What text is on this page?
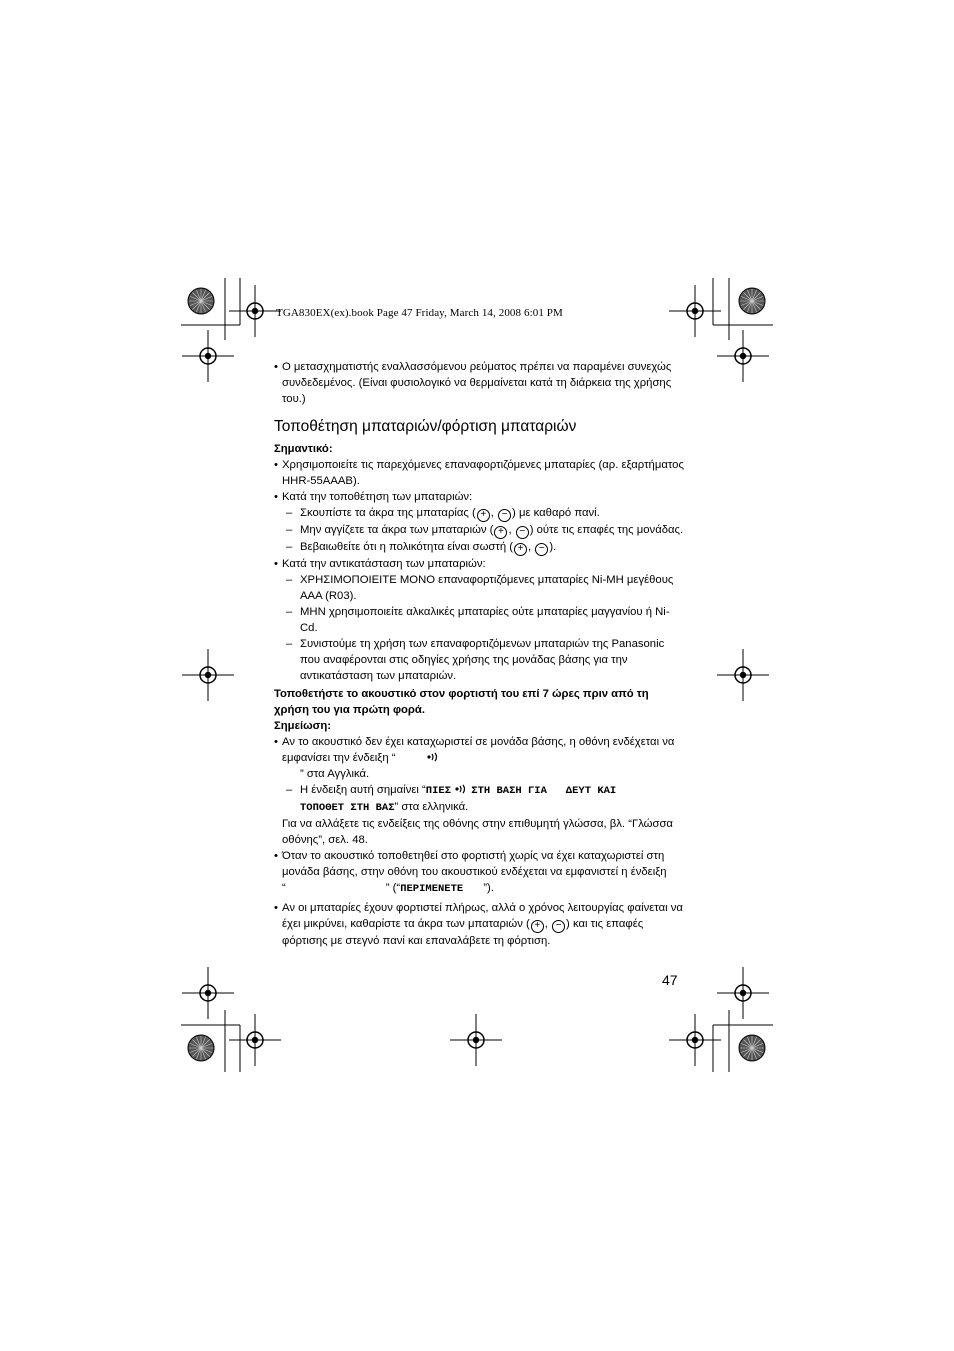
TGA830EX(ex).book Page 47 Friday, March 14, 2008 6:01 PM
• Ο μετασχηματιστής εναλλασσόμενου ρεύματος πρέπει να παραμένει συνεχώς συνδεδεμένος. (Είναι φυσιολογικό να θερμαίνεται κατά τη διάρκεια της χρήσης του.)
Τοποθέτηση μπαταριών/φόρτιση μπαταριών
Σημαντικό:
• Χρησιμοποιείτε τις παρεχόμενες επαναφορτιζόμενες μπαταρίες (αρ. εξαρτήματος HHR-55AAAB).
• Κατά την τοποθέτηση των μπαταριών:
– Σκουπίστε τα άκρα της μπαταρίας ( + , − ) με καθαρό πανί.
– Μην αγγίζετε τα άκρα των μπαταριών ( + , − ) ούτε τις επαφές της μονάδας.
– Βεβαιωθείτε ότι η πολικότητα είναι σωστή ( + , − ).
• Κατά την αντικατάσταση των μπαταριών:
– ΧΡΗΣΙΜΟΠΟΙΕΙΤΕ ΜΟΝΟ επαναφορτιζόμενες μπαταρίες Ni-MH μεγέθους AAA (R03).
– ΜΗΝ χρησιμοποιείτε αλκαλικές μπαταρίες ούτε μπαταρίες μαγγανίου ή Ni-Cd.
– Συνιστούμε τη χρήση των επαναφορτιζόμενων μπαταριών της Panasonic που αναφέρονται στις οδηγίες χρήσης της μονάδας βάσης για την αντικατάσταση των μπαταριών.
Τοποθετήστε το ακουστικό στον φορτιστή του επί 7 ώρες πριν από τη χρήση του για πρώτη φορά.
Σημείωση:
• Αν το ακουστικό δεν έχει καταχωριστεί σε μονάδα βάσης, η οθόνη ενδέχεται να εμφανίσει την ένδειξη “
” στα Αγγλικά.
– Η ένδειξη αυτή σημαίνει “ΠΙΕΣ ΣΤΗ ΒΑΣΗ ΓΙΑ   ΔΕΥΤ ΚΑΙ
ΤΟΠΟΘΕΤ ΣΤΗ ΒΑΣ” στα ελληνικά.
Για να αλλάξετε τις ενδείξεις της οθόνης στην επιθυμητή γλώσσα, βλ. “Γλώσσα οθόνης”, σελ. 48.
• Όταν το ακουστικό τοποθετηθεί στο φορτιστή χωρίς να έχει καταχωριστεί στη μονάδα βάσης, στην οθόνη του ακουστικού ενδέχεται να εμφανιστεί η ένδειξη
“	” (“ΠΕΡΙΜΕΝΕΤΕ ”).
• Αν οι μπαταρίες έχουν φορτιστεί πλήρως, αλλά ο χρόνος λειτουργίας φαίνεται να έχει μικρύνει, καθαρίστε τα άκρα των μπαταριών ( + , − ) και τις επαφές φόρτισης με στεγνό πανί και επαναλάβετε τη φόρτιση.
47
